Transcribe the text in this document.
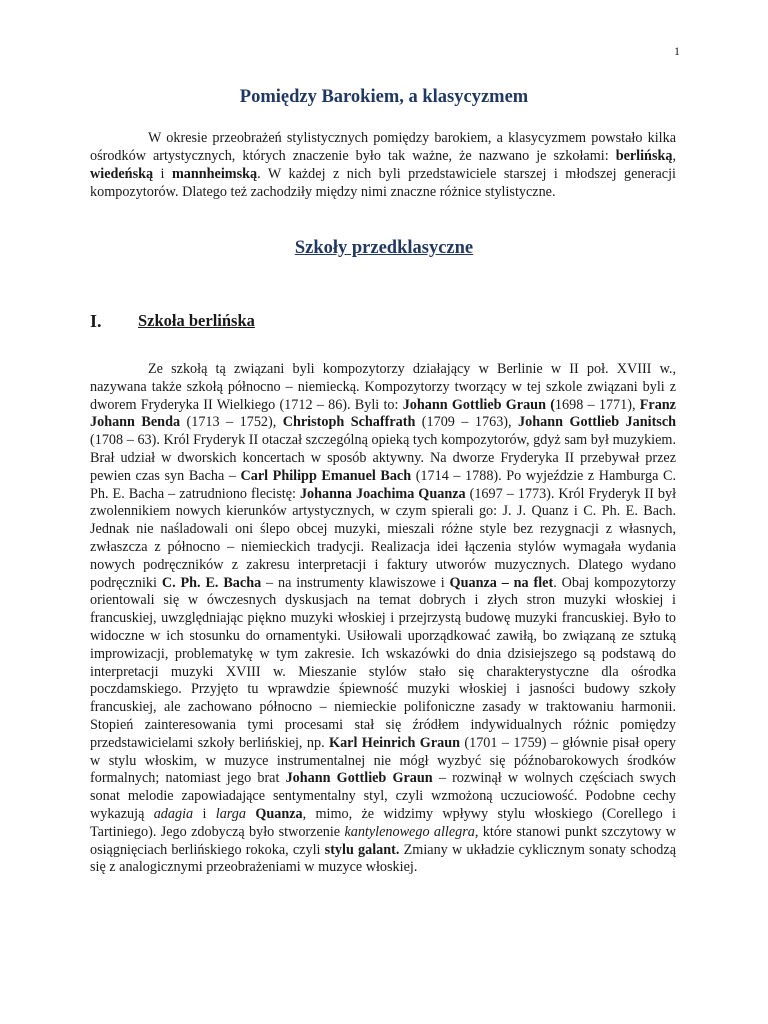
1
Pomiędzy Barokiem, a klasycyzmem

W okresie przeobrażeń stylistycznych pomiędzy barokiem, a klasycyzmem powstało kilka ośrodków artystycznych, których znaczenie było tak ważne, że nazwano je szkołami: berlińską, wiedeńską i mannheimską. W każdej z nich byli przedstawiciele starszej i młodszej generacji kompozytorów. Dlatego też zachodziły między nimi znaczne różnice stylistyczne.

Szkoły przedklasyczne
I. Szkoła berlińska

Ze szkołą tą związani byli kompozytorzy działający w Berlinie w II poł. XVIII w., nazywana także szkołą północno – niemiecką. Kompozytorzy tworzący w tej szkole związani byli z dworem Fryderyka II Wielkiego (1712 – 86). Byli to: Johann Gottlieb Graun (1698 – 1771), Franz Johann Benda (1713 – 1752), Christoph Schaffrath (1709 – 1763), Johann Gottlieb Janitsch (1708 – 63). Król Fryderyk II otaczał szczególną opieką tych kompozytorów, gdyż sam był muzykiem. Brał udział w dworskich koncertach w sposób aktywny. Na dworze Fryderyka II przebywał przez pewien czas syn Bacha – Carl Philipp Emanuel Bach (1714 – 1788). Po wyjeździe z Hamburga C. Ph. E. Bacha – zatrudniono flecistę: Johanna Joachima Quanza (1697 – 1773). Król Fryderyk II był zwolennikiem nowych kierunków artystycznych, w czym spierali go: J. J. Quanz i C. Ph. E. Bach. Jednak nie naśladowali oni ślepo obcej muzyki, mieszali różne style bez rezygnacji z własnych, zwłaszcza z północno – niemieckich tradycji. Realizacja idei łączenia stylów wymagała wydania nowych podręczników z zakresu interpretacji i faktury utworów muzycznych. Dlatego wydano podręczniki C. Ph. E. Bacha – na instrumenty klawiszowe i Quanza – na flet. Obaj kompozytorzy orientowali się w ówczesnych dyskusjach na temat dobrych i złych stron muzyki włoskiej i francuskiej, uwzględniając piękno muzyki włoskiej i przejrzystą budowę muzyki francuskiej. Było to widoczne w ich stosunku do ornamentyki. Usiłowali uporządkować zawiłą, bo związaną ze sztuką improwizacji, problematykę w tym zakresie. Ich wskazówki do dnia dzisiejszego są podstawą do interpretacji muzyki XVIII w. Mieszanie stylów stało się charakterystyczne dla ośrodka poczdamskiego. Przyjęto tu wprawdzie śpiewność muzyki włoskiej i jasności budowy szkoły francuskiej, ale zachowano północno – niemieckie polifoniczne zasady w traktowaniu harmonii. Stopień zainteresowania tymi procesami stał się źródłem indywidualnych różnic pomiędzy przedstawicielami szkoły berlińskiej, np. Karl Heinrich Graun (1701 – 1759) – głównie pisał opery w stylu włoskim, w muzyce instrumentalnej nie mógł wyzbyć się późnobarokowych środków formalnych; natomiast jego brat Johann Gottlieb Graun – rozwinął w wolnych częściach swych sonat melodie zapowiadające sentymentalny styl, czyli wzmożoną uczuciowość. Podobne cechy wykazują adagia i larga Quanza, mimo, że widzimy wpływy stylu włoskiego (Corellego i Tartiniego). Jego zdobyczą było stworzenie kantylenowego allegra, które stanowi punkt szczytowy w osiągnięciach berlińskiego rokoka, czyli stylu galant. Zmiany w układzie cyklicznym sonaty schodzą się z analogicznymi przeobrażeniami w muzyce włoskiej.
